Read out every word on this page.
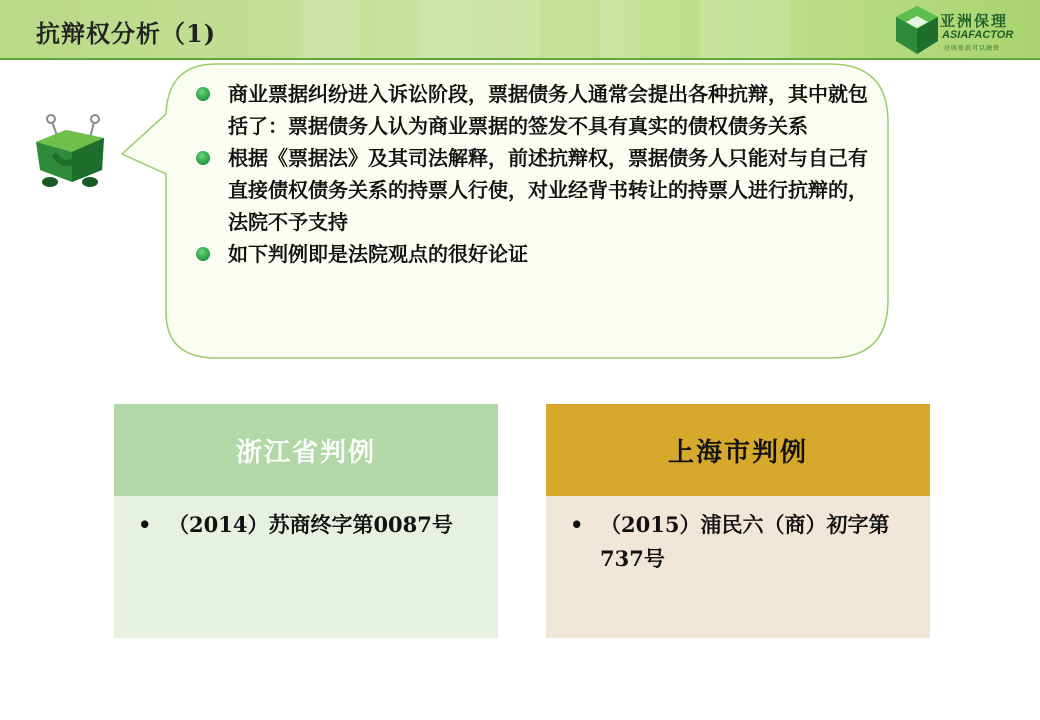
抗辩权分析（1)	亚洲保理
ASIAFACTOR
应收账款可以融资
商业票据纠纷进入诉讼阶段，票据债务人通常会提出各种抗辩，其中就包括了：票据债务人认为商业票据的签发不具有真实的债权债务关系
根据《票据法》及其司法解释，前述抗辩权，票据债务人只能对与自己有直接债权债务关系的持票人行使，对业经背书转让的持票人进行抗辩的，法院不予支持
如下判例即是法院观点的很好论证
浙江省判例
• （2014）苏商终字第0087号
上海市判例
• （2015）浦民六（商）初字第737号
